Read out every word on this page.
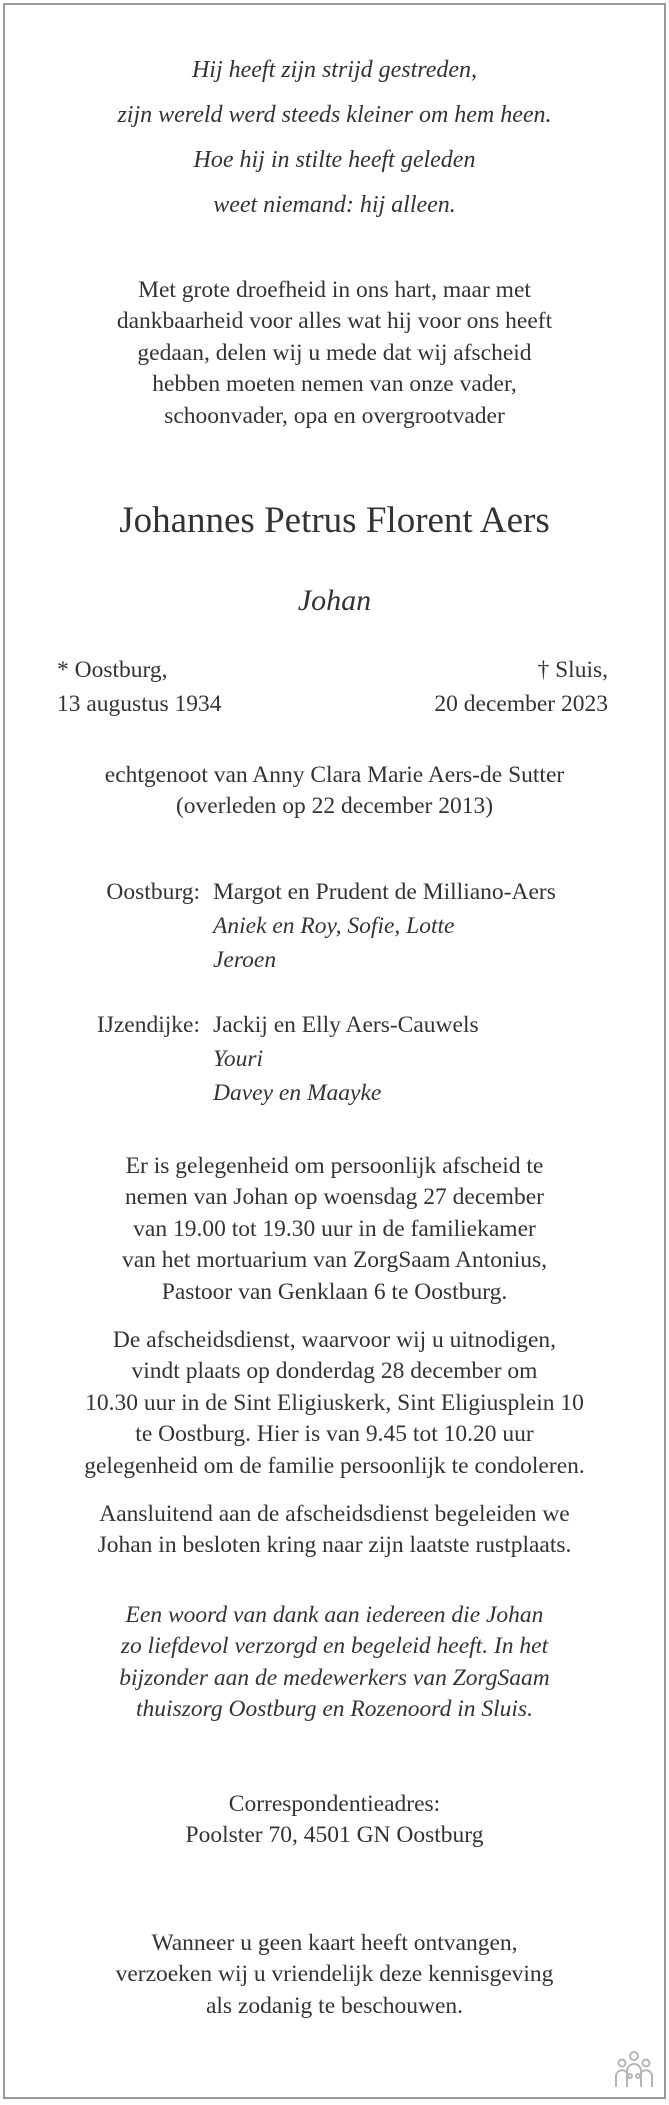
Hij heeft zijn strijd gestreden,
zijn wereld werd steeds kleiner om hem heen.
Hoe hij in stilte heeft geleden
weet niemand: hij alleen.
Met grote droefheid in ons hart, maar met
dankbaarheid voor alles wat hij voor ons heeft
gedaan, delen wij u mede dat wij afscheid
hebben moeten nemen van onze vader,
schoonvader, opa en overgrootvader
Johannes Petrus Florent Aers
Johan
* Oostburg,
13 augustus 1934
† Sluis,
20 december 2023
echtgenoot van Anny Clara Marie Aers-de Sutter
(overleden op 22 december 2013)
Oostburg: Margot en Prudent de Milliano-Aers
Aniek en Roy, Sofie, Lotte
Jeroen
IJzendijke: Jackij en Elly Aers-Cauwels
Youri
Davey en Maayke
Er is gelegenheid om persoonlijk afscheid te
nemen van Johan op woensdag 27 december
van 19.00 tot 19.30 uur in de familiekamer
van het mortuarium van ZorgSaam Antonius,
Pastoor van Genklaan 6 te Oostburg.
De afscheidsdienst, waarvoor wij u uitnodigen,
vindt plaats op donderdag 28 december om
10.30 uur in de Sint Eligiuskerk, Sint Eligiusplein 10
te Oostburg. Hier is van 9.45 tot 10.20 uur
gelegenheid om de familie persoonlijk te condoleren.
Aansluitend aan de afscheidsdienst begeleiden we
Johan in besloten kring naar zijn laatste rustplaats.
Een woord van dank aan iedereen die Johan
zo liefdevol verzorgd en begeleid heeft. In het
bijzonder aan de medewerkers van ZorgSaam
thuiszorg Oostburg en Rozenoord in Sluis.
Correspondentieadres:
Poolster 70, 4501 GN Oostburg
Wanneer u geen kaart heeft ontvangen,
verzoeken wij u vriendelijk deze kennisgeving
als zodanig te beschouwen.
